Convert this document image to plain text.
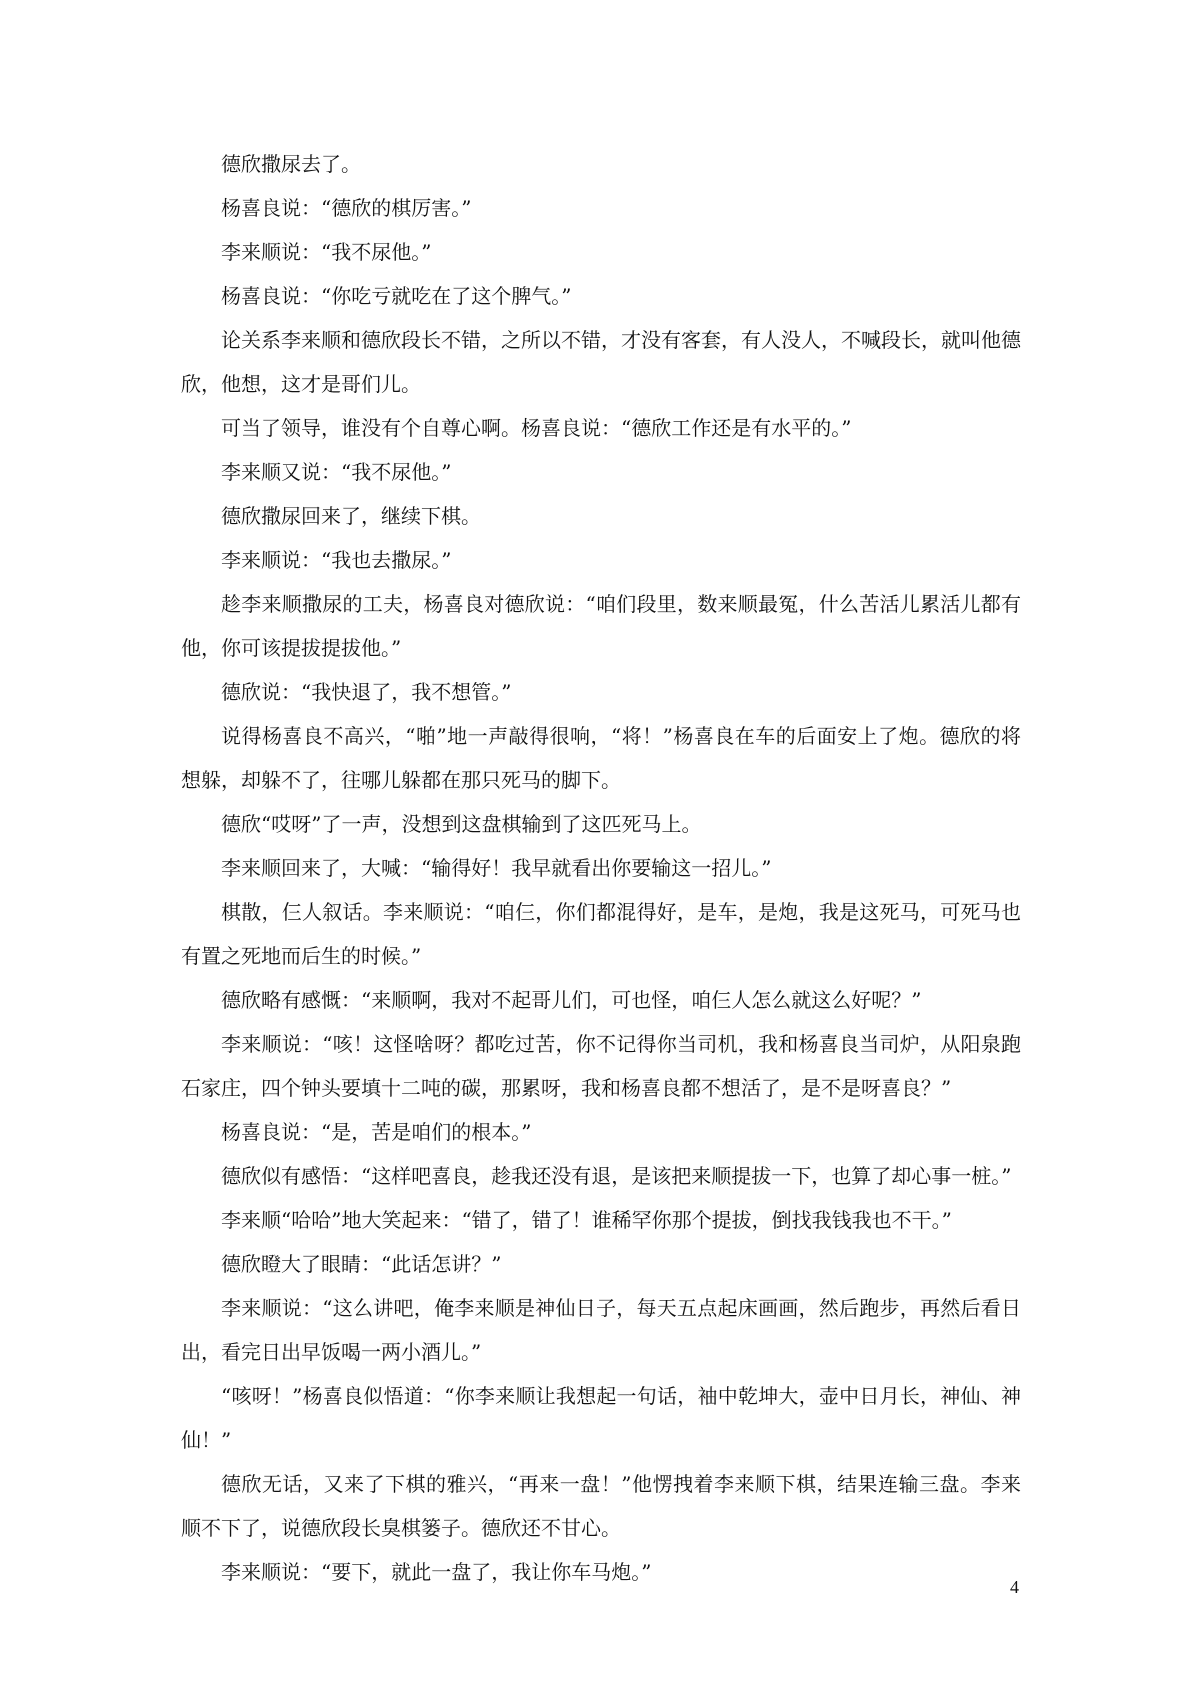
德欣撒尿去了。

杨喜良说：“德欣的棋厉害。”

李来顺说：“我不尿他。”

杨喜良说：“你吃亏就吃在了这个脾气。”

论关系李来顺和德欣段长不错，之所以不错，才没有客套，有人没人，不喊段长，就叫他德欣，他想，这才是哥们儿。

可当了领导，谁没有个自尊心啊。杨喜良说：“德欣工作还是有水平的。”

李来顺又说：“我不尿他。”

德欣撒尿回来了，继续下棋。

李来顺说：“我也去撒尿。”

趁李来顺撒尿的工夫，杨喜良对德欣说：“咱们段里，数来顺最冤，什么苦活儿累活儿都有他，你可该提拔提拔他。”

德欣说：“我快退了，我不想管。”

说得杨喜良不高兴，“啪”地一声敲得很响，“将！”杨喜良在车的后面安上了炮。德欣的将想躲，却躲不了，往哪儿躲都在那只死马的脚下。

德欣“哎呀”了一声，没想到这盘棋输到了这匹死马上。

李来顺回来了，大喊：“输得好！我早就看出你要输这一招儿。”

棋散，仨人叙话。李来顺说：“咱仨，你们都混得好，是车，是炮，我是这死马，可死马也有置之死地而后生的时候。”

德欣略有感慨：“来顺啊，我对不起哥儿们，可也怪，咱仨人怎么就这么好呢？”

李来顺说：“咳！这怪啥呀？都吃过苦，你不记得你当司机，我和杨喜良当司炉，从阳泉跑石家庄，四个钟头要填十二吨的碳，那累呀，我和杨喜良都不想活了，是不是呀喜良？”

杨喜良说：“是，苦是咱们的根本。”

德欣似有感悟：“这样吧喜良，趁我还没有退，是该把来顺提拔一下，也算了却心事一桩。”

李来顺“哈哈”地大笑起来：“错了，错了！谁稀罕你那个提拔，倒找我钱我也不干。”

德欣瞪大了眼睛：“此话怎讲？”

李来顺说：“这么讲吧，俺李来顺是神仙日子，每天五点起床画画，然后跑步，再然后看日出，看完日出早饭喝一两小酒儿。”

“咳呀！”杨喜良似悟道：“你李来顺让我想起一句话，袖中乾坤大，壶中日月长，神仙、神仙！”

德欣无话，又来了下棋的雅兴，“再来一盘！”他愣拽着李来顺下棋，结果连输三盘。李来顺不下了，说德欣段长臭棋篓子。德欣还不甘心。

李来顺说：“要下，就此一盘了，我让你车马炮。”

4
